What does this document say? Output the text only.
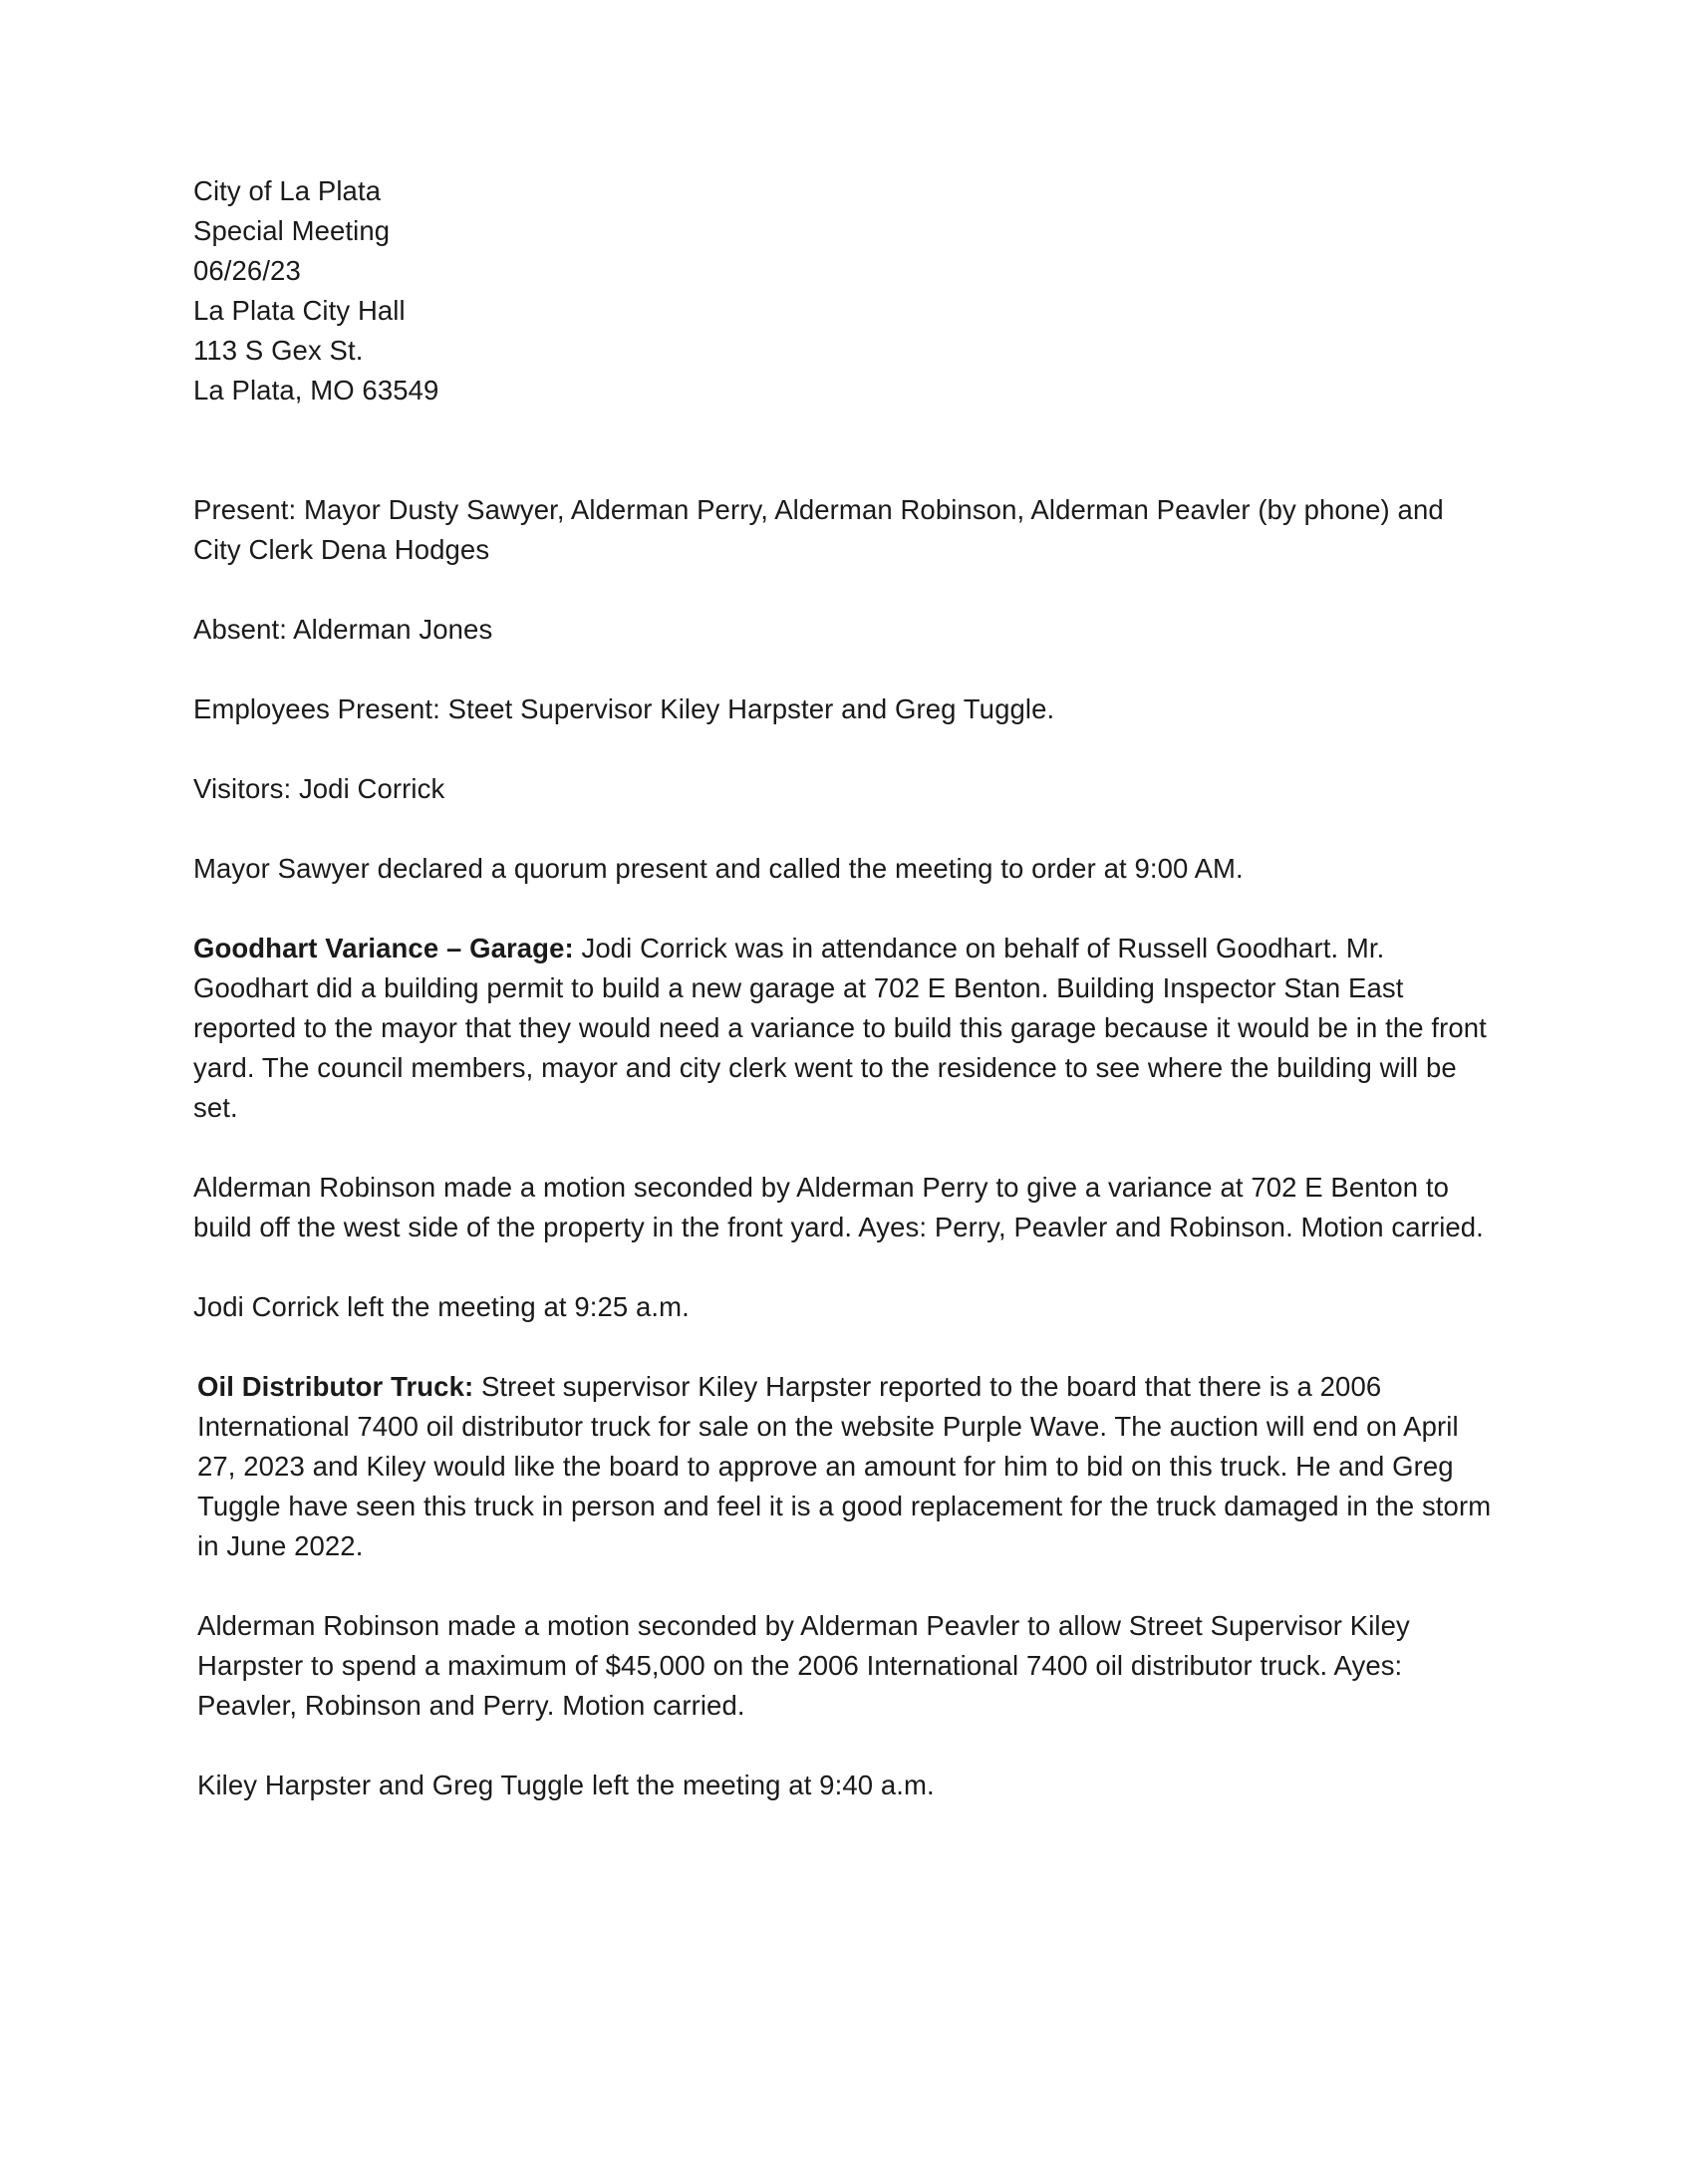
City of La Plata
Special Meeting
06/26/23
La Plata City Hall
113 S Gex St.
La Plata, MO 63549

Present: Mayor Dusty Sawyer, Alderman Perry, Alderman Robinson, Alderman Peavler (by phone) and City Clerk Dena Hodges

Absent: Alderman Jones

Employees Present: Steet Supervisor Kiley Harpster and Greg Tuggle.

Visitors: Jodi Corrick

Mayor Sawyer declared a quorum present and called the meeting to order at 9:00 AM.

Goodhart Variance – Garage: Jodi Corrick was in attendance on behalf of Russell Goodhart. Mr. Goodhart did a building permit to build a new garage at 702 E Benton. Building Inspector Stan East reported to the mayor that they would need a variance to build this garage because it would be in the front yard. The council members, mayor and city clerk went to the residence to see where the building will be set.

Alderman Robinson made a motion seconded by Alderman Perry to give a variance at 702 E Benton to build off the west side of the property in the front yard. Ayes: Perry, Peavler and Robinson. Motion carried.

Jodi Corrick left the meeting at 9:25 a.m.

Oil Distributor Truck: Street supervisor Kiley Harpster reported to the board that there is a 2006 International 7400 oil distributor truck for sale on the website Purple Wave. The auction will end on April 27, 2023 and Kiley would like the board to approve an amount for him to bid on this truck. He and Greg Tuggle have seen this truck in person and feel it is a good replacement for the truck damaged in the storm in June 2022.

Alderman Robinson made a motion seconded by Alderman Peavler to allow Street Supervisor Kiley Harpster to spend a maximum of $45,000 on the 2006 International 7400 oil distributor truck. Ayes: Peavler, Robinson and Perry. Motion carried.

Kiley Harpster and Greg Tuggle left the meeting at 9:40 a.m.
